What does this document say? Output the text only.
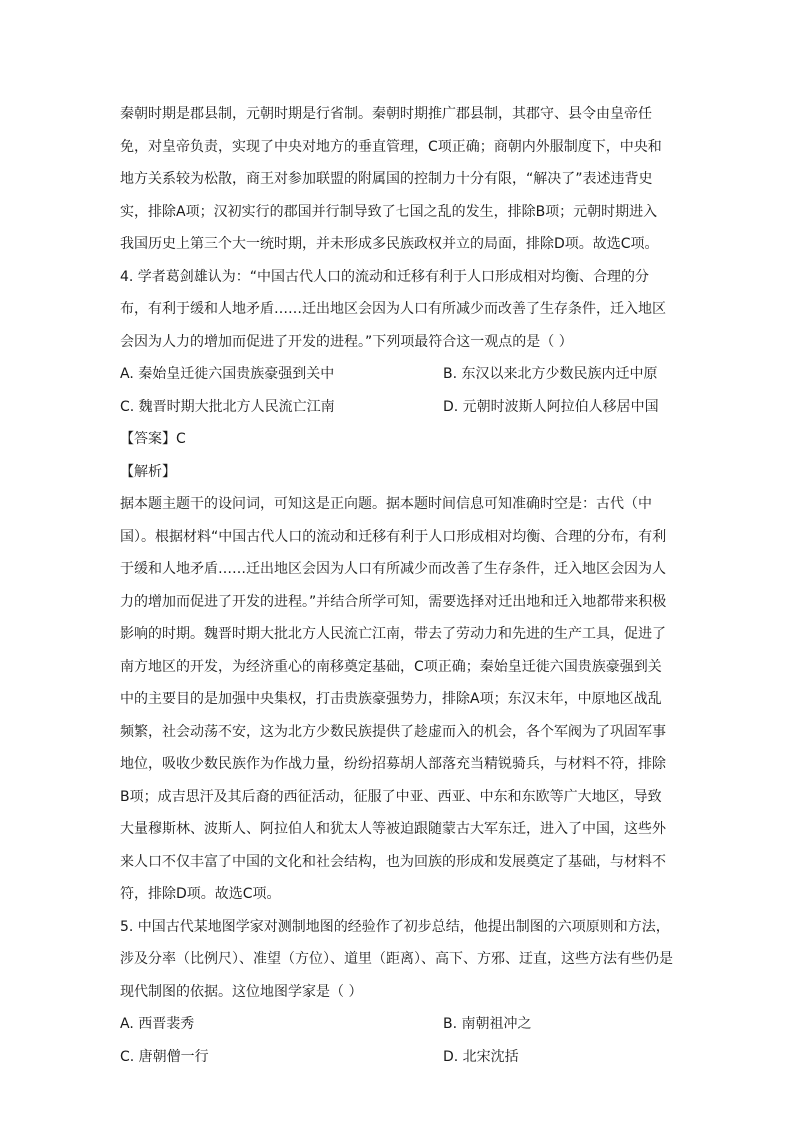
秦朝时期是郡县制，元朝时期是行省制。秦朝时期推广郡县制，其郡守、县令由皇帝任

免，对皇帝负责，实现了中央对地方的垂直管理，C项正确；商朝内外服制度下，中央和

地方关系较为松散，商王对参加联盟的附属国的控制力十分有限，“解决了”表述违背史

实，排除A项；汉初实行的郡国并行制导致了七国之乱的发生，排除B项；元朝时期进入

我国历史上第三个大一统时期，并未形成多民族政权并立的局面，排除D项。故选C项。

4. 学者葛剑雄认为：“中国古代人口的流动和迁移有利于人口形成相对均衡、合理的分

布，有利于缓和人地矛盾……迁出地区会因为人口有所减少而改善了生存条件，迁入地区

会因为人力的增加而促进了开发的进程。”下列项最符合这一观点的是（ ）

A. 秦始皇迁徙六国贵族豪强到关中	B. 东汉以来北方少数民族内迁中原
C. 魏晋时期大批北方人民流亡江南	D. 元朝时波斯人阿拉伯人移居中国

【答案】C

【解析】

据本题主题干的设问词，可知这是正向题。据本题时间信息可知准确时空是：古代（中

国）。根据材料“中国古代人口的流动和迁移有利于人口形成相对均衡、合理的分布，有利

于缓和人地矛盾……迁出地区会因为人口有所减少而改善了生存条件，迁入地区会因为人

力的增加而促进了开发的进程。”并结合所学可知，需要选择对迁出地和迁入地都带来积极

影响的时期。魏晋时期大批北方人民流亡江南，带去了劳动力和先进的生产工具，促进了

南方地区的开发，为经济重心的南移奠定基础，C项正确；秦始皇迁徙六国贵族豪强到关

中的主要目的是加强中央集权，打击贵族豪强势力，排除A项；东汉末年，中原地区战乱

频繁，社会动荡不安，这为北方少数民族提供了趁虚而入的机会，各个军阀为了巩固军事

地位，吸收少数民族作为作战力量，纷纷招募胡人部落充当精锐骑兵，与材料不符，排除

B项；成吉思汗及其后裔的西征活动，征服了中亚、西亚、中东和东欧等广大地区，导致

大量穆斯林、波斯人、阿拉伯人和犹太人等被迫跟随蒙古大军东迁，进入了中国，这些外

来人口不仅丰富了中国的文化和社会结构，也为回族的形成和发展奠定了基础，与材料不

符，排除D项。故选C项。

5. 中国古代某地图学家对测制地图的经验作了初步总结，他提出制图的六项原则和方法，

涉及分率（比例尺）、准望（方位）、道里（距离）、高下、方邪、迂直，这些方法有些仍是

现代制图的依据。这位地图学家是（ ）

A. 西晋裴秀	B. 南朝祖冲之
C. 唐朝僧一行	D. 北宋沈括
